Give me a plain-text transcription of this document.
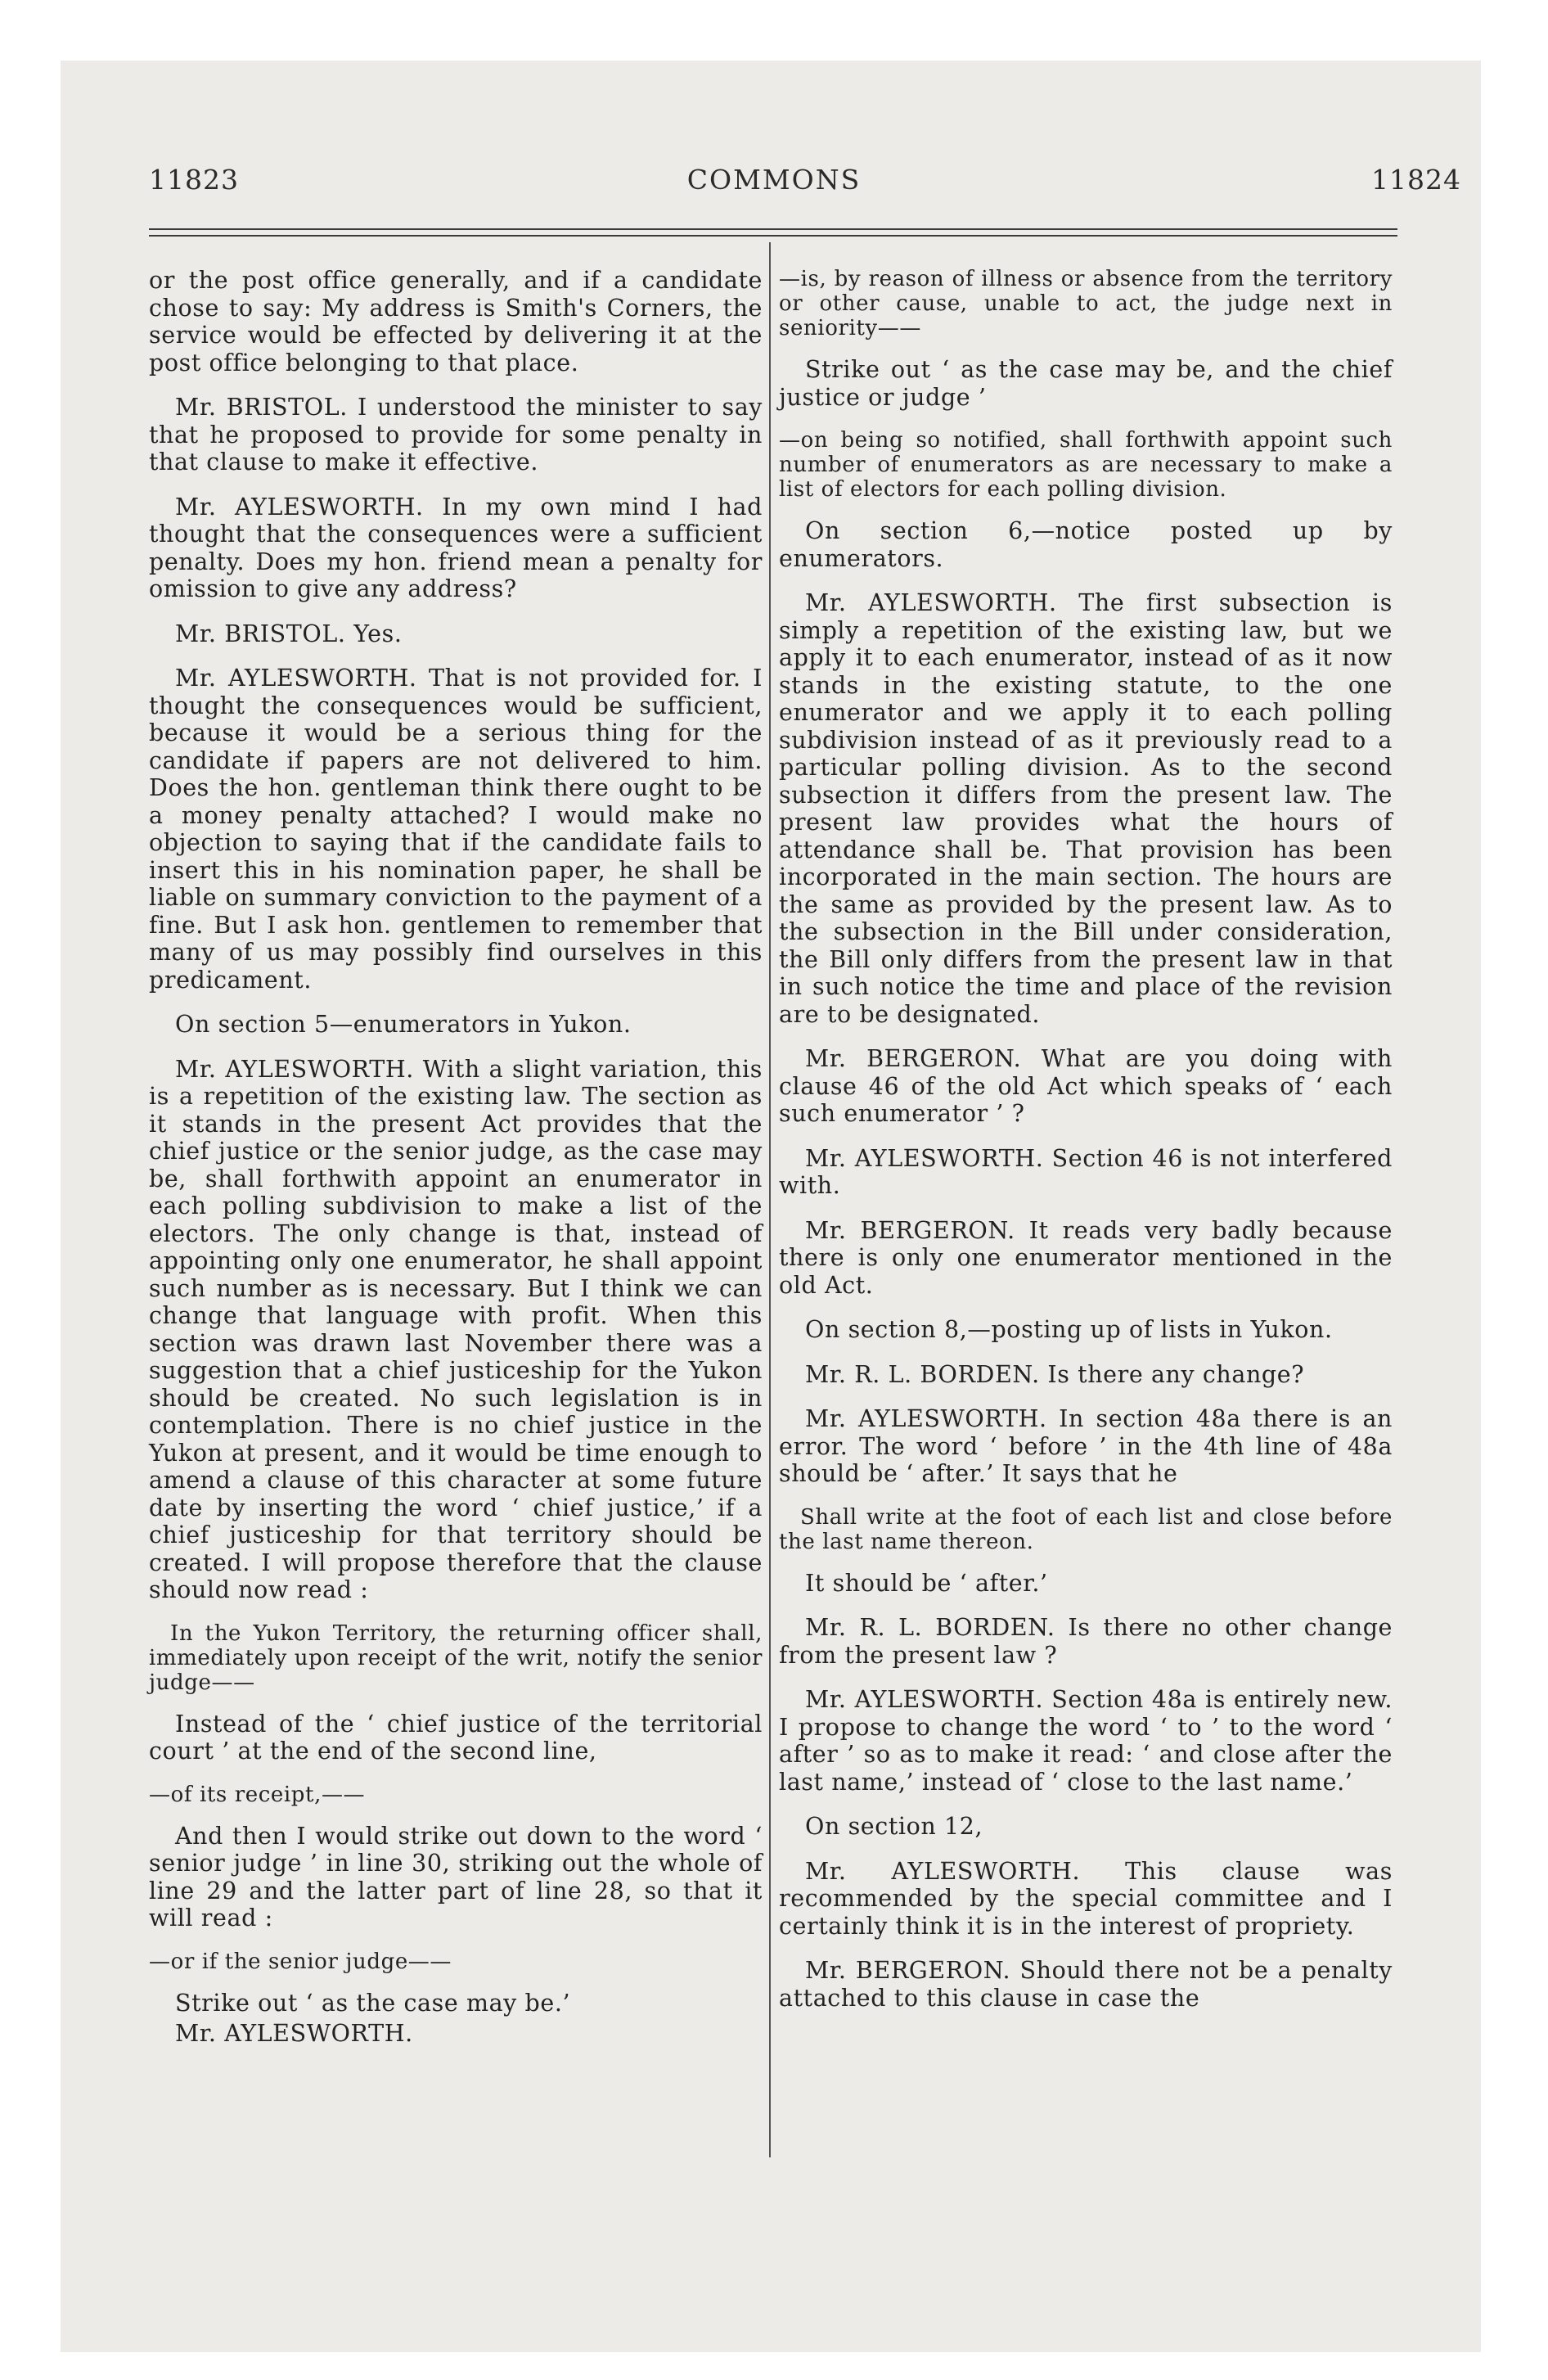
11823	COMMONS	11824

or the post office generally, and if a candidate chose to say: My address is Smith's Corners, the service would be effected by delivering it at the post office belonging to that place.

Mr. BRISTOL. I understood the minister to say that he proposed to provide for some penalty in that clause to make it effective.

Mr. AYLESWORTH. In my own mind I had thought that the consequences were a sufficient penalty. Does my hon. friend mean a penalty for omission to give any address?

Mr. BRISTOL. Yes.

Mr. AYLESWORTH. That is not provided for. I thought the consequences would be sufficient, because it would be a serious thing for the candidate if papers are not delivered to him. Does the hon. gentleman think there ought to be a money penalty attached? I would make no objection to saying that if the candidate fails to insert this in his nomination paper, he shall be liable on summary conviction to the payment of a fine. But I ask hon. gentlemen to remember that many of us may possibly find ourselves in this predicament.

On section 5—enumerators in Yukon.

Mr. AYLESWORTH. With a slight variation, this is a repetition of the existing law. The section as it stands in the present Act provides that the chief justice or the senior judge, as the case may be, shall forthwith appoint an enumerator in each polling subdivision to make a list of the electors. The only change is that, instead of appointing only one enumerator, he shall appoint such number as is necessary. But I think we can change that language with profit. When this section was drawn last November there was a suggestion that a chief justiceship for the Yukon should be created. No such legislation is in contemplation. There is no chief justice in the Yukon at present, and it would be time enough to amend a clause of this character at some future date by inserting the word ‘ chief justice,’ if a chief justiceship for that territory should be created. I will propose therefore that the clause should now read :

In the Yukon Territory, the returning officer shall, immediately upon receipt of the writ, notify the senior judge——

Instead of the ‘ chief justice of the territorial court ’ at the end of the second line,

—of its receipt,——

And then I would strike out down to the word ‘ senior judge ’ in line 30, striking out the whole of line 29 and the latter part of line 28, so that it will read :

—or if the senior judge——

Strike out ‘ as the case may be.’

Mr. AYLESWORTH.

—is, by reason of illness or absence from the territory or other cause, unable to act, the judge next in seniority——

Strike out ‘ as the case may be, and the chief justice or judge ’

—on being so notified, shall forthwith appoint such number of enumerators as are necessary to make a list of electors for each polling division.

On section 6,—notice posted up by enumerators.

Mr. AYLESWORTH. The first subsection is simply a repetition of the existing law, but we apply it to each enumerator, instead of as it now stands in the existing statute, to the one enumerator and we apply it to each polling subdivision instead of as it previously read to a particular polling division. As to the second subsection it differs from the present law. The present law provides what the hours of attendance shall be. That provision has been incorporated in the main section. The hours are the same as provided by the present law. As to the subsection in the Bill under consideration, the Bill only differs from the present law in that in such notice the time and place of the revision are to be designated.

Mr. BERGERON. What are you doing with clause 46 of the old Act which speaks of ‘ each such enumerator ’ ?

Mr. AYLESWORTH. Section 46 is not interfered with.

Mr. BERGERON. It reads very badly because there is only one enumerator mentioned in the old Act.

On section 8,—posting up of lists in Yukon.

Mr. R. L. BORDEN. Is there any change?

Mr. AYLESWORTH. In section 48a there is an error. The word ‘ before ’ in the 4th line of 48a should be ‘ after.’ It says that he

Shall write at the foot of each list and close before the last name thereon.

It should be ‘ after.’

Mr. R. L. BORDEN. Is there no other change from the present law ?

Mr. AYLESWORTH. Section 48a is entirely new. I propose to change the word ‘ to ’ to the word ‘ after ’ so as to make it read: ‘ and close after the last name,’ instead of ‘ close to the last name.’

On section 12,

Mr. AYLESWORTH. This clause was recommended by the special committee and I certainly think it is in the interest of propriety.

Mr. BERGERON. Should there not be a penalty attached to this clause in case the
